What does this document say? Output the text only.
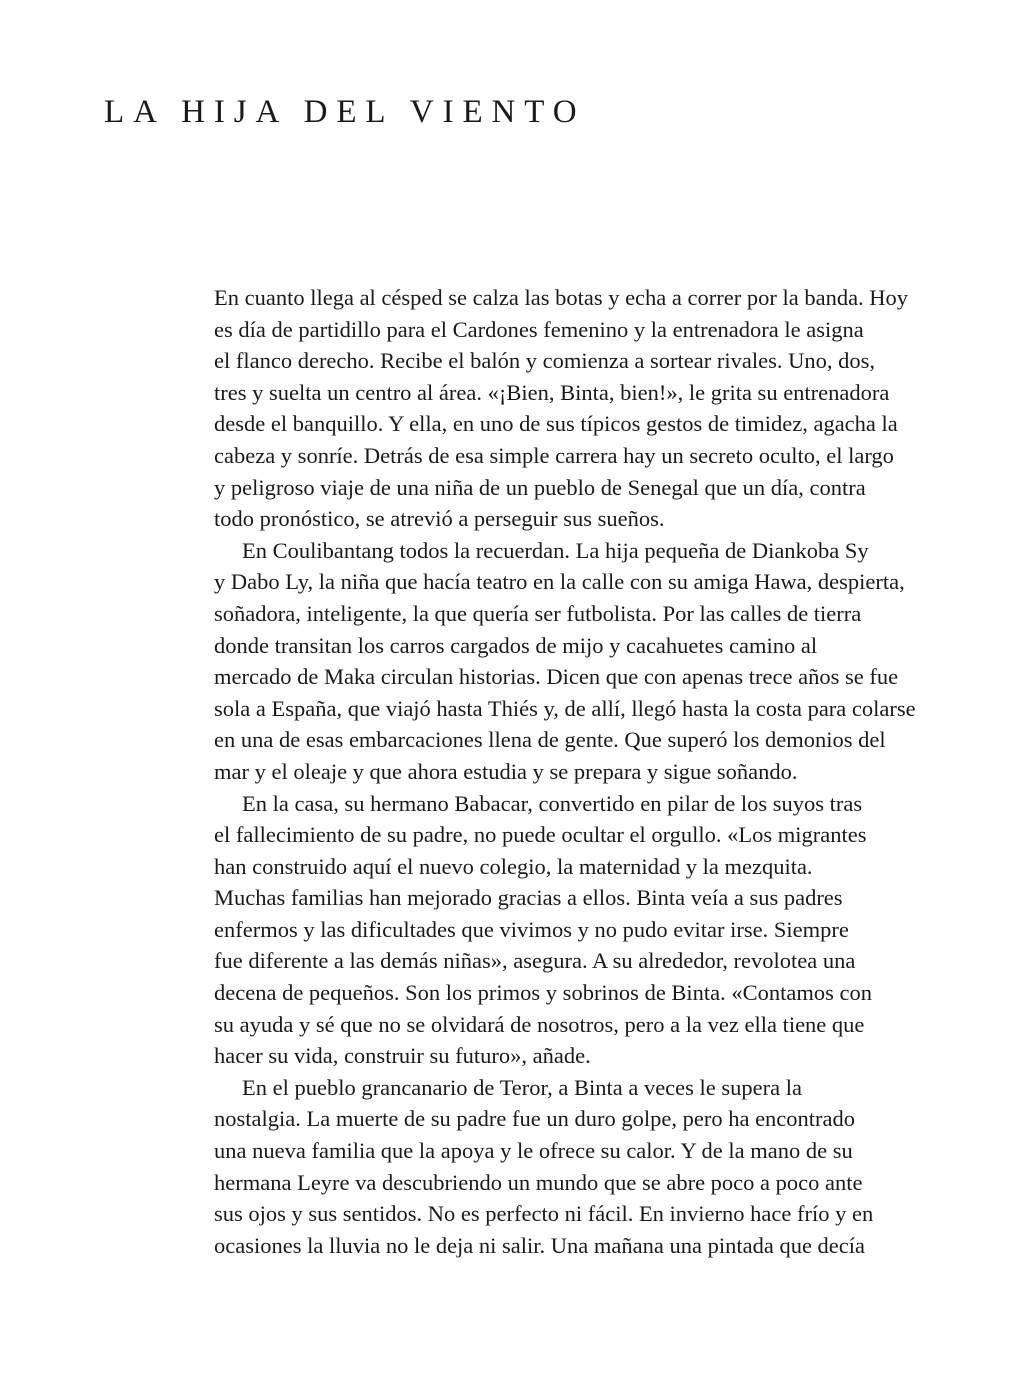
LA HIJA DEL VIENTO
En cuanto llega al césped se calza las botas y echa a correr por la banda. Hoy
es día de partidillo para el Cardones femenino y la entrenadora le asigna
el flanco derecho. Recibe el balón y comienza a sortear rivales. Uno, dos,
tres y suelta un centro al área. «¡Bien, Binta, bien!», le grita su entrenadora
desde el banquillo. Y ella, en uno de sus típicos gestos de timidez, agacha la
cabeza y sonríe. Detrás de esa simple carrera hay un secreto oculto, el largo
y peligroso viaje de una niña de un pueblo de Senegal que un día, contra
todo pronóstico, se atrevió a perseguir sus sueños.
En Coulibantang todos la recuerdan. La hija pequeña de Diankoba Sy
y Dabo Ly, la niña que hacía teatro en la calle con su amiga Hawa, despierta,
soñadora, inteligente, la que quería ser futbolista. Por las calles de tierra
donde transitan los carros cargados de mijo y cacahuetes camino al
mercado de Maka circulan historias. Dicen que con apenas trece años se fue
sola a España, que viajó hasta Thiés y, de allí, llegó hasta la costa para colarse
en una de esas embarcaciones llena de gente. Que superó los demonios del
mar y el oleaje y que ahora estudia y se prepara y sigue soñando.
En la casa, su hermano Babacar, convertido en pilar de los suyos tras
el fallecimiento de su padre, no puede ocultar el orgullo. «Los migrantes
han construido aquí el nuevo colegio, la maternidad y la mezquita.
Muchas familias han mejorado gracias a ellos. Binta veía a sus padres
enfermos y las dificultades que vivimos y no pudo evitar irse. Siempre
fue diferente a las demás niñas», asegura. A su alrededor, revolotea una
decena de pequeños. Son los primos y sobrinos de Binta. «Contamos con
su ayuda y sé que no se olvidará de nosotros, pero a la vez ella tiene que
hacer su vida, construir su futuro», añade.
En el pueblo grancanario de Teror, a Binta a veces le supera la
nostalgia. La muerte de su padre fue un duro golpe, pero ha encontrado
una nueva familia que la apoya y le ofrece su calor. Y de la mano de su
hermana Leyre va descubriendo un mundo que se abre poco a poco ante
sus ojos y sus sentidos. No es perfecto ni fácil. En invierno hace frío y en
ocasiones la lluvia no le deja ni salir. Una mañana una pintada que decía
